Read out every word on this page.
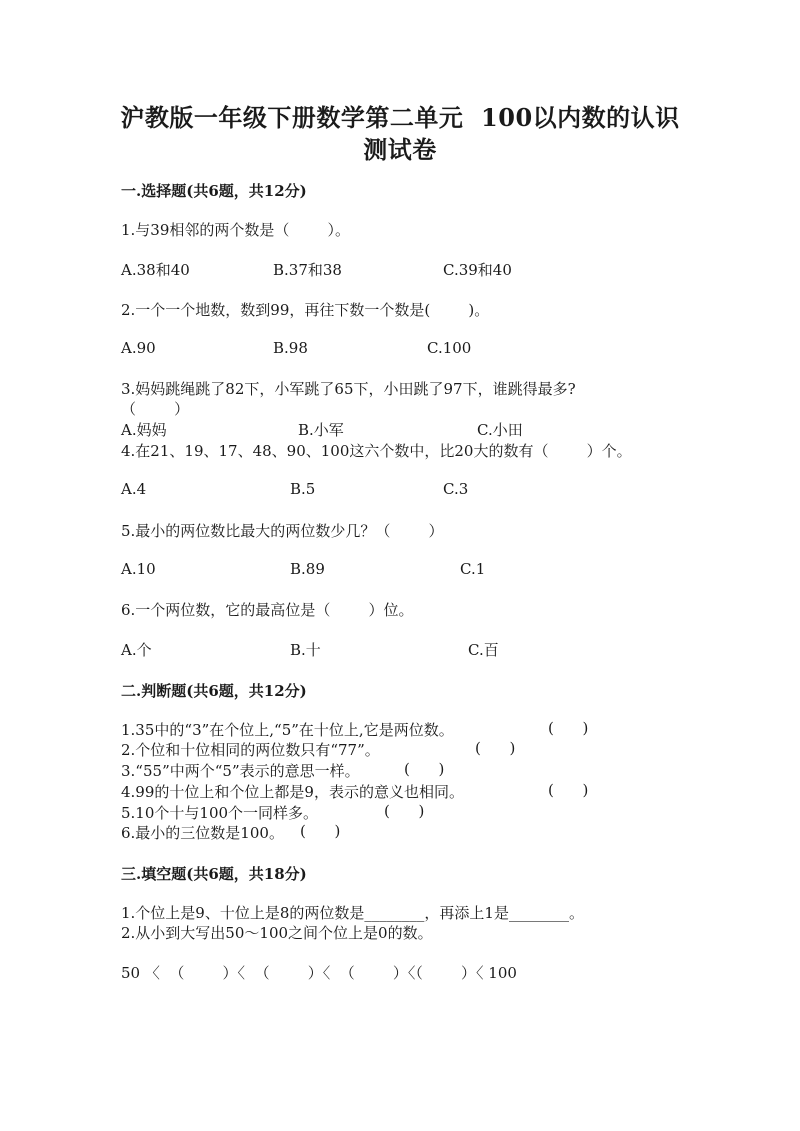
沪教版一年级下册数学第二单元  100以内数的认识
测试卷
一.选择题(共6题，共12分)
1.与39相邻的两个数是（        ）。
A.38和40	B.37和38	C.39和40
2.一个一个地数，数到99，再往下数一个数是(        )。
A.90	B.98	C.100
3.妈妈跳绳跳了82下，小军跳了65下，小田跳了97下，谁跳得最多?
（        ）
A.妈妈	B.小军	C.小田
4.在21、19、17、48、90、100这六个数中，比20大的数有（        ）个。
A.4	B.5	C.3
5.最小的两位数比最大的两位数少几？（        ）
A.10	B.89	C.1
6.一个两位数，它的最高位是（        ）位。
A.个	B.十	C.百
二.判断题(共6题，共12分)
1.35中的“3”在个位上,“5”在十位上,它是两位数。	(      )
2.个位和十位相同的两位数只有“77”。	(      )
3.“55”中两个“5”表示的意思一样。	(      )
4.99的十位上和个位上都是9，表示的意义也相同。	(      )
5.10个十与100个一同样多。	(      )
6.最小的三位数是100。 (      )
三.填空题(共6题，共18分)
1.个位上是9、十位上是8的两位数是________，再添上1是________。
2.从小到大写出50～100之间个位上是0的数。
50 〈  （        ）〈  （        ）〈  （        ）〈（        ）〈 100
